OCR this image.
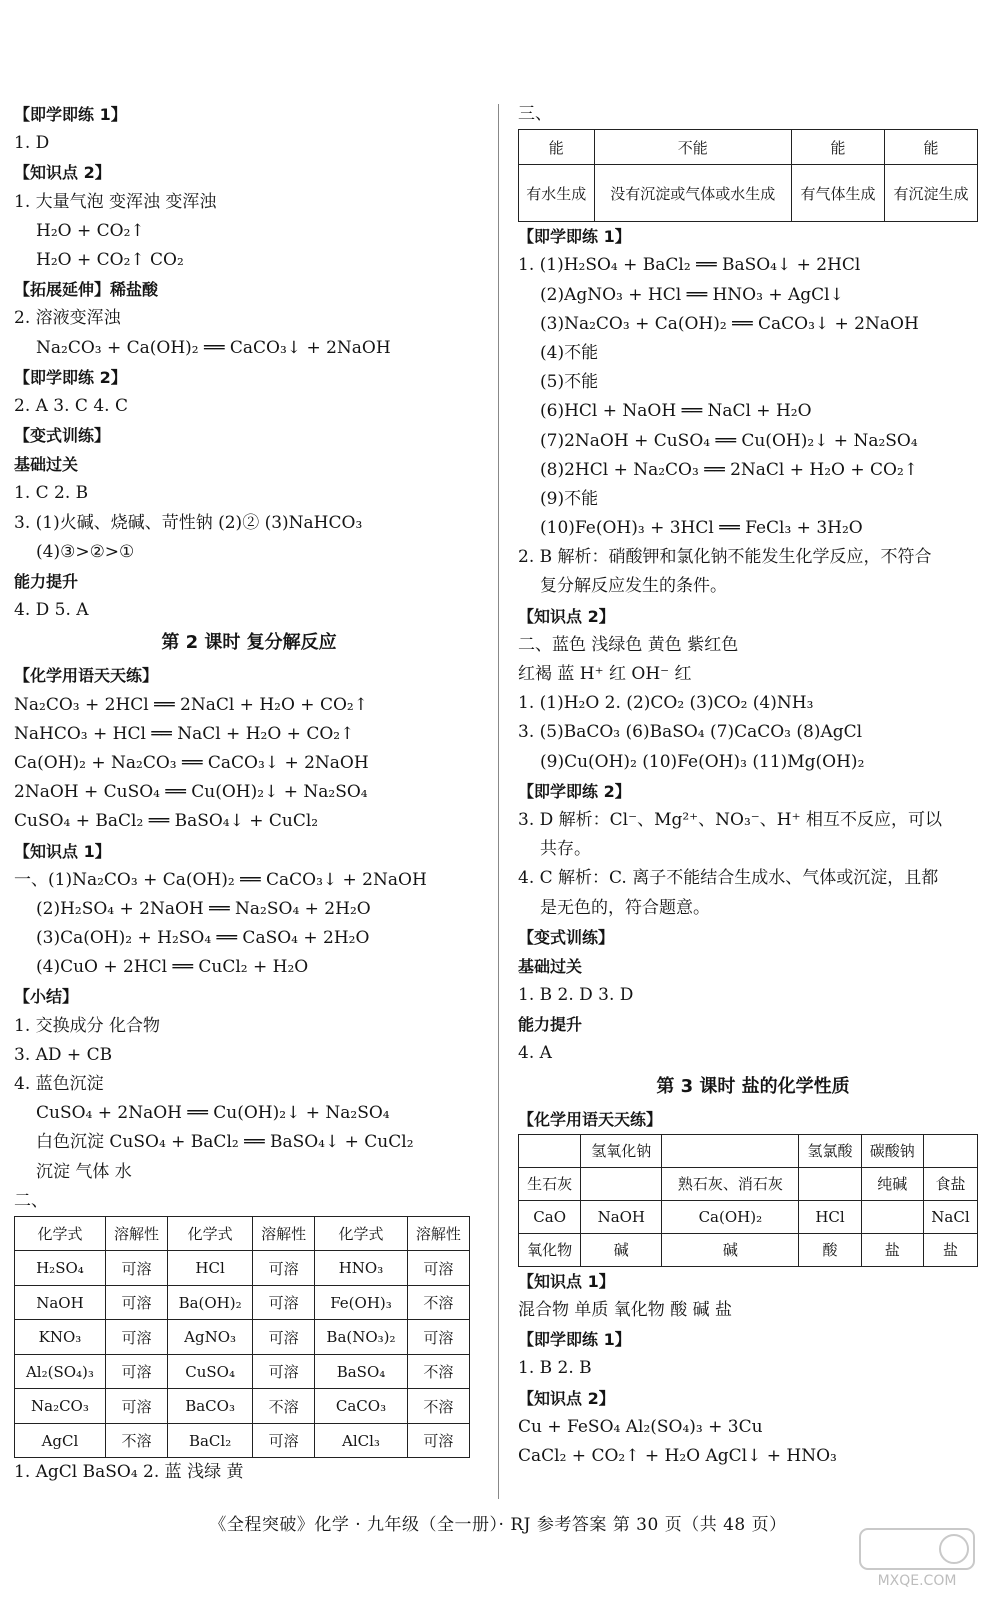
【即学即练 1】
1. D
【知识点 2】
1. 大量气泡 变浑浊 变浑浊
H₂O + CO₂↑
H₂O + CO₂↑ CO₂
【拓展延伸】稀盐酸
2. 溶液变浑浊
Na₂CO₃ + Ca(OH)₂ ══ CaCO₃↓ + 2NaOH
【即学即练 2】
2. A 3. C 4. C
【变式训练】
基础过关
1. C 2. B
3. (1)火碱、烧碱、苛性钠 (2)② (3)NaHCO₃
(4)③>②>①
能力提升
4. D 5. A
第 2 课时 复分解反应
【化学用语天天练】
Na₂CO₃ + 2HCl ══ 2NaCl + H₂O + CO₂↑
NaHCO₃ + HCl ══ NaCl + H₂O + CO₂↑
Ca(OH)₂ + Na₂CO₃ ══ CaCO₃↓ + 2NaOH
2NaOH + CuSO₄ ══ Cu(OH)₂↓ + Na₂SO₄
CuSO₄ + BaCl₂ ══ BaSO₄↓ + CuCl₂
【知识点 1】
一、(1)Na₂CO₃ + Ca(OH)₂ ══ CaCO₃↓ + 2NaOH
(2)H₂SO₄ + 2NaOH ══ Na₂SO₄ + 2H₂O
(3)Ca(OH)₂ + H₂SO₄ ══ CaSO₄ + 2H₂O
(4)CuO + 2HCl ══ CuCl₂ + H₂O
【小结】
1. 交换成分 化合物
3. AD + CB
4. 蓝色沉淀
CuSO₄ + 2NaOH ══ Cu(OH)₂↓ + Na₂SO₄
白色沉淀 CuSO₄ + BaCl₂ ══ BaSO₄↓ + CuCl₂
沉淀 气体 水
二、
化学式	溶解性	化学式	溶解性	化学式	溶解性
H₂SO₄	可溶	HCl	可溶	HNO₃	可溶
NaOH	可溶	Ba(OH)₂	可溶	Fe(OH)₃	不溶
KNO₃	可溶	AgNO₃	可溶	Ba(NO₃)₂	可溶
Al₂(SO₄)₃	可溶	CuSO₄	可溶	BaSO₄	不溶
Na₂CO₃	可溶	BaCO₃	不溶	CaCO₃	不溶
AgCl	不溶	BaCl₂	可溶	AlCl₃	可溶
1. AgCl BaSO₄ 2. 蓝 浅绿 黄
三、
能	不能	能	能
有水生成	没有沉淀或气体或水生成	有气体生成	有沉淀生成
【即学即练 1】
1. (1)H₂SO₄ + BaCl₂ ══ BaSO₄↓ + 2HCl
(2)AgNO₃ + HCl ══ HNO₃ + AgCl↓
(3)Na₂CO₃ + Ca(OH)₂ ══ CaCO₃↓ + 2NaOH
(4)不能
(5)不能
(6)HCl + NaOH ══ NaCl + H₂O
(7)2NaOH + CuSO₄ ══ Cu(OH)₂↓ + Na₂SO₄
(8)2HCl + Na₂CO₃ ══ 2NaCl + H₂O + CO₂↑
(9)不能
(10)Fe(OH)₃ + 3HCl ══ FeCl₃ + 3H₂O
2. B 解析：硝酸钾和氯化钠不能发生化学反应，不符合
复分解反应发生的条件。
【知识点 2】
二、蓝色 浅绿色 黄色 紫红色
红褐 蓝 H⁺ 红 OH⁻ 红
1. (1)H₂O 2. (2)CO₂ (3)CO₂ (4)NH₃
3. (5)BaCO₃ (6)BaSO₄ (7)CaCO₃ (8)AgCl
(9)Cu(OH)₂ (10)Fe(OH)₃ (11)Mg(OH)₂
【即学即练 2】
3. D 解析：Cl⁻、Mg²⁺、NO₃⁻、H⁺ 相互不反应，可以
共存。
4. C 解析：C. 离子不能结合生成水、气体或沉淀，且都
是无色的，符合题意。
【变式训练】
基础过关
1. B 2. D 3. D
能力提升
4. A
第 3 课时 盐的化学性质
【化学用语天天练】
	氢氧化钠		氢氯酸	碳酸钠	
生石灰		熟石灰、消石灰		纯碱	食盐
CaO	NaOH	Ca(OH)₂	HCl		NaCl
氧化物	碱	碱	酸	盐	盐
【知识点 1】
混合物 单质 氧化物 酸 碱 盐
【即学即练 1】
1. B 2. B
【知识点 2】
Cu + FeSO₄ Al₂(SO₄)₃ + 3Cu
CaCl₂ + CO₂↑ + H₂O AgCl↓ + HNO₃
《全程突破》化学 · 九年级（全一册）· RJ 参考答案 第 30 页（共 48 页）
MXQE.COM
